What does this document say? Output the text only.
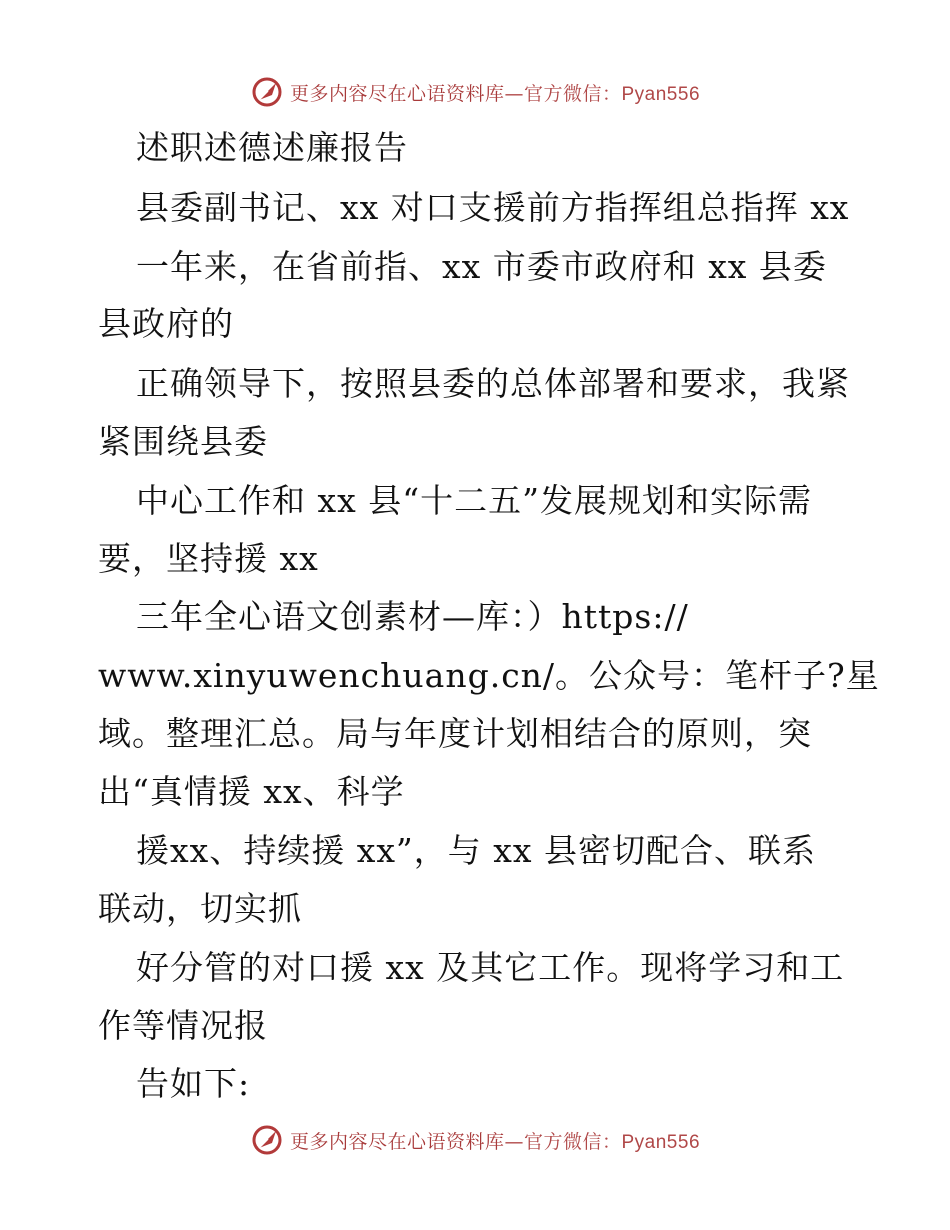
更多内容尽在心语资料库—官方微信：Pyan556
述职述德述廉报告
县委副书记、xx 对口支援前方指挥组总指挥 xx
一年来，在省前指、xx 市委市政府和 xx 县委
县政府的
正确领导下，按照县委的总体部署和要求，我紧
紧围绕县委
中心工作和 xx 县“十二五”发展规划和实际需
要，坚持援 xx
三年全心语文创素材—库：）https://
www.xinyuwenchuang.cn/。公众号：笔杆子?星
域。整理汇总。局与年度计划相结合的原则，突
出“真情援 xx、科学
援xx、持续援 xx”，与 xx 县密切配合、联系
联动，切实抓
好分管的对口援 xx 及其它工作。现将学习和工
作等情况报
告如下:
更多内容尽在心语资料库—官方微信：Pyan556
